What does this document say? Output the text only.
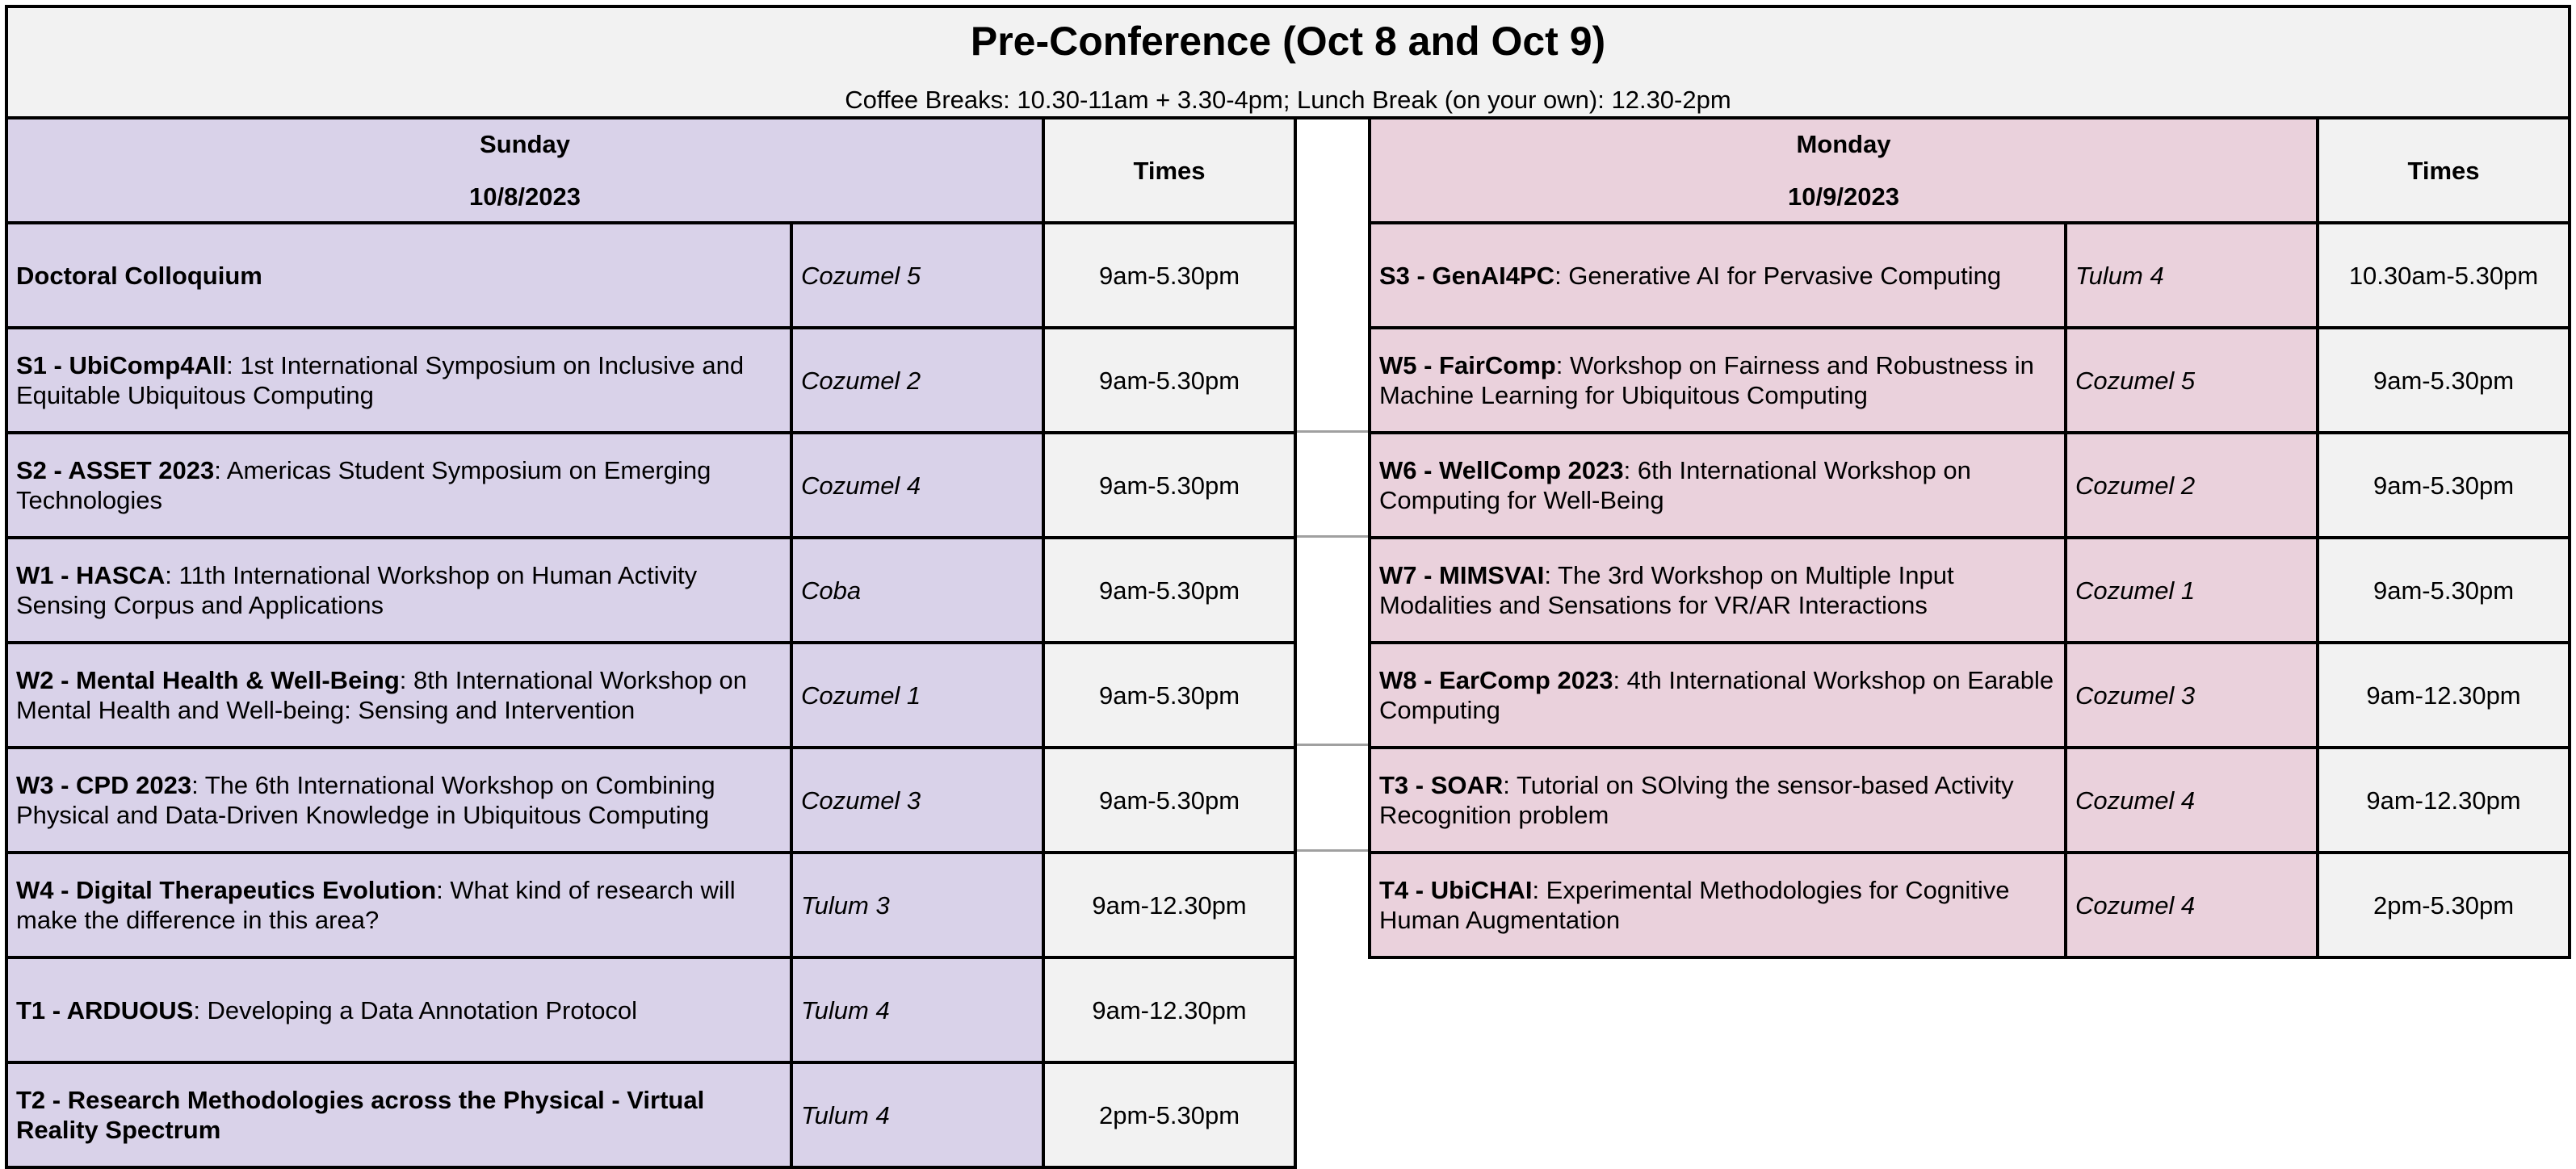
Pre-Conference (Oct 8 and Oct 9)
Coffee Breaks: 10.30-11am + 3.30-4pm; Lunch Break (on your own): 12.30-2pm
Sunday
10/8/2023		Times
Doctoral Colloquium	Cozumel 5	9am-5.30pm
S1 - UbiComp4All: 1st International Symposium on Inclusive and Equitable Ubiquitous Computing	Cozumel 2	9am-5.30pm
S2 - ASSET 2023: Americas Student Symposium on Emerging Technologies	Cozumel 4	9am-5.30pm
W1 - HASCA: 11th International Workshop on Human Activity Sensing Corpus and Applications	Coba	9am-5.30pm
W2 - Mental Health & Well-Being: 8th International Workshop on Mental Health and Well-being: Sensing and Intervention	Cozumel 1	9am-5.30pm
W3 - CPD 2023: The 6th International Workshop on Combining Physical and Data-Driven Knowledge in Ubiquitous Computing	Cozumel 3	9am-5.30pm
W4 - Digital Therapeutics Evolution: What kind of research will make the difference in this area?	Tulum 3	9am-12.30pm
T1 - ARDUOUS: Developing a Data Annotation Protocol	Tulum 4	9am-12.30pm
T2 - Research Methodologies across the Physical - Virtual Reality Spectrum	Tulum 4	2pm-5.30pm
Monday
10/9/2023		Times
S3 - GenAI4PC: Generative AI for Pervasive Computing	Tulum 4	10.30am-5.30pm
W5 - FairComp: Workshop on Fairness and Robustness in Machine Learning for Ubiquitous Computing	Cozumel 5	9am-5.30pm
W6 - WellComp 2023: 6th International Workshop on Computing for Well-Being	Cozumel 2	9am-5.30pm
W7 - MIMSVAI: The 3rd Workshop on Multiple Input Modalities and Sensations for VR/AR Interactions	Cozumel 1	9am-5.30pm
W8 - EarComp 2023: 4th International Workshop on Earable Computing	Cozumel 3	9am-12.30pm
T3 - SOAR: Tutorial on SOlving the sensor-based Activity Recognition problem	Cozumel 4	9am-12.30pm
T4 - UbiCHAI: Experimental Methodologies for Cognitive Human Augmentation	Cozumel 4	2pm-5.30pm
